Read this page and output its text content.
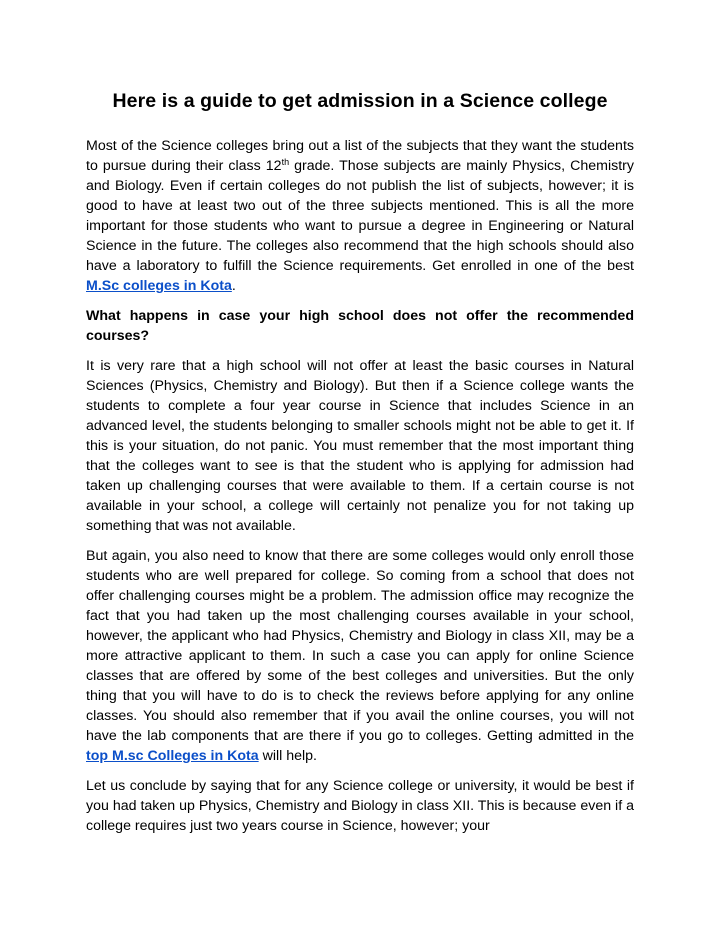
Here is a guide to get admission in a Science college

Most of the Science colleges bring out a list of the subjects that they want the students to pursue during their class 12th grade. Those subjects are mainly Physics, Chemistry and Biology. Even if certain colleges do not publish the list of subjects, however; it is good to have at least two out of the three subjects mentioned. This is all the more important for those students who want to pursue a degree in Engineering or Natural Science in the future. The colleges also recommend that the high schools should also have a laboratory to fulfill the Science requirements. Get enrolled in one of the best M.Sc colleges in Kota.

What happens in case your high school does not offer the recommended courses?

It is very rare that a high school will not offer at least the basic courses in Natural Sciences (Physics, Chemistry and Biology). But then if a Science college wants the students to complete a four year course in Science that includes Science in an advanced level, the students belonging to smaller schools might not be able to get it. If this is your situation, do not panic. You must remember that the most important thing that the colleges want to see is that the student who is applying for admission had taken up challenging courses that were available to them. If a certain course is not available in your school, a college will certainly not penalize you for not taking up something that was not available.

But again, you also need to know that there are some colleges would only enroll those students who are well prepared for college. So coming from a school that does not offer challenging courses might be a problem. The admission office may recognize the fact that you had taken up the most challenging courses available in your school, however, the applicant who had Physics, Chemistry and Biology in class XII, may be a more attractive applicant to them. In such a case you can apply for online Science classes that are offered by some of the best colleges and universities. But the only thing that you will have to do is to check the reviews before applying for any online classes. You should also remember that if you avail the online courses, you will not have the lab components that are there if you go to colleges. Getting admitted in the top M.sc Colleges in Kota will help.

Let us conclude by saying that for any Science college or university, it would be best if you had taken up Physics, Chemistry and Biology in class XII. This is because even if a college requires just two years course in Science, however; your
